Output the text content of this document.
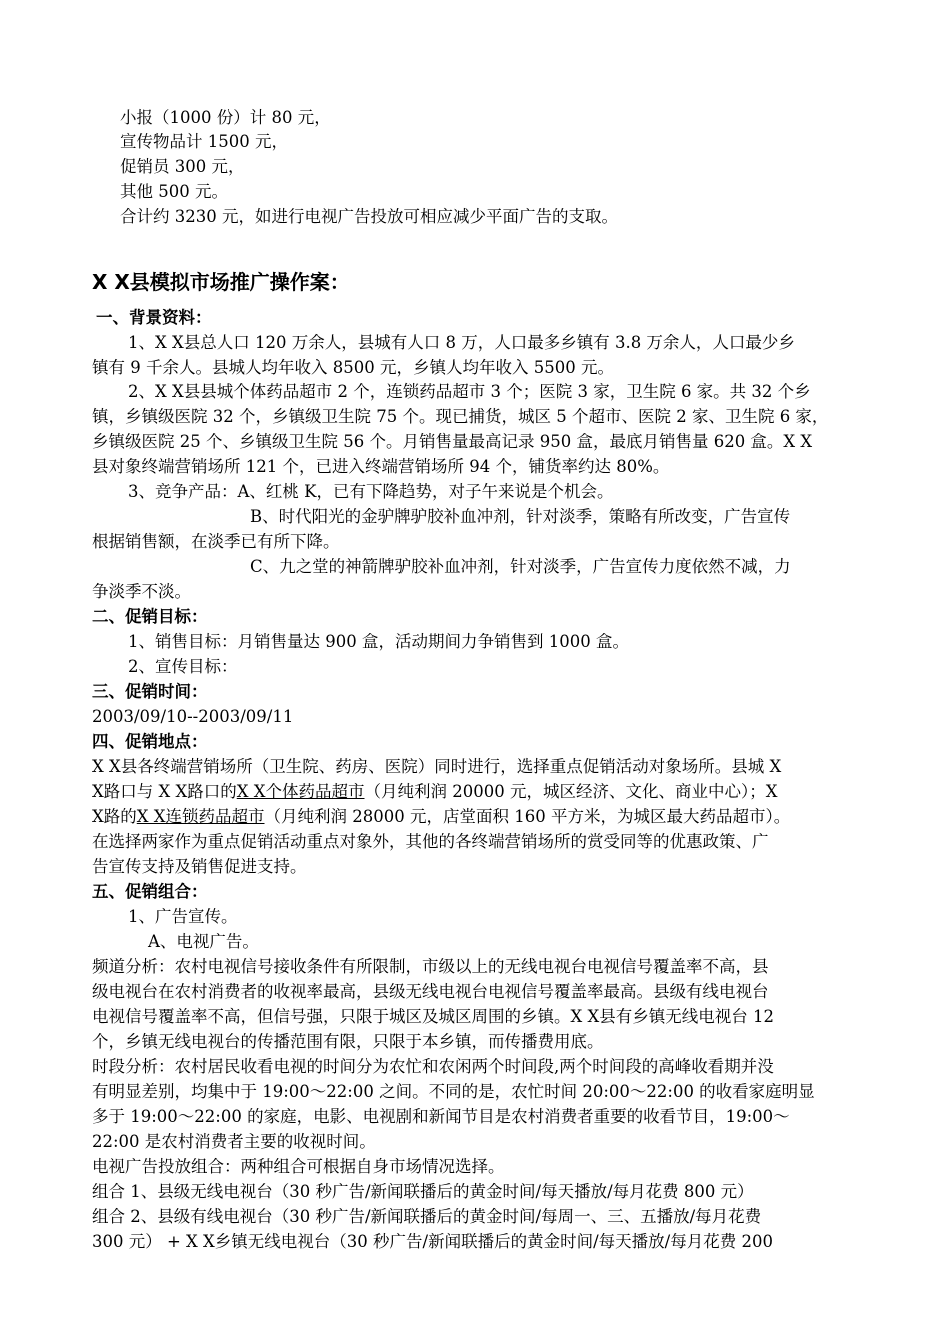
小报（1000 份）计 80 元，
宣传物品计 1500 元，
促销员 300 元，
其他 500 元。
合计约 3230 元，如进行电视广告投放可相应减少平面广告的支取。
X X县模拟市场推广操作案：
一、背景资料：
1、X X县总人口 120 万余人，县城有人口 8 万，人口最多乡镇有 3.8 万余人，人口最少乡
镇有 9 千余人。县城人均年收入 8500 元，乡镇人均年收入 5500 元。
2、X X县县城个体药品超市 2 个，连锁药品超市 3 个；医院 3 家，卫生院 6 家。共 32 个乡
镇，乡镇级医院 32 个，乡镇级卫生院 75 个。现已捕货，城区 5 个超市、医院 2 家、卫生院 6 家，
乡镇级医院 25 个、乡镇级卫生院 56 个。月销售量最高记录 950 盒，最底月销售量 620 盒。X X
县对象终端营销场所 121 个，已进入终端营销场所 94 个，铺货率约达 80%。
3、竞争产品：A、红桃 K，已有下降趋势，对子午来说是个机会。
B、时代阳光的金驴牌驴胶补血冲剂，针对淡季，策略有所改变，广告宣传
根据销售额，在淡季已有所下降。
C、九之堂的神箭牌驴胶补血冲剂，针对淡季，广告宣传力度依然不减，力
争淡季不淡。
二、促销目标：
1、销售目标：月销售量达 900 盒，活动期间力争销售到 1000 盒。
2、宣传目标：
三、促销时间：
2003/09/10--2003/09/11
四、促销地点：
X X县各终端营销场所（卫生院、药房、医院）同时进行，选择重点促销活动对象场所。县城 X
X路口与 X X路口的X X个体药品超市（月纯利润 20000 元，城区经济、文化、商业中心）；X
X路的X X连锁药品超市（月纯利润 28000 元，店堂面积 160 平方米，为城区最大药品超市）。
在选择两家作为重点促销活动重点对象外，其他的各终端营销场所的赏受同等的优惠政策、广
告宣传支持及销售促进支持。
五、促销组合：
1、广告宣传。
A、电视广告。
频道分析：农村电视信号接收条件有所限制，市级以上的无线电视台电视信号覆盖率不高，县
级电视台在农村消费者的收视率最高，县级无线电视台电视信号覆盖率最高。县级有线电视台
电视信号覆盖率不高，但信号强，只限于城区及城区周围的乡镇。X X县有乡镇无线电视台 12
个，乡镇无线电视台的传播范围有限，只限于本乡镇，而传播费用底。
时段分析：农村居民收看电视的时间分为农忙和农闲两个时间段,两个时间段的高峰收看期并没
有明显差别，均集中于 19:00～22:00 之间。不同的是，农忙时间 20:00～22:00 的收看家庭明显
多于 19:00～22:00 的家庭，电影、电视剧和新闻节目是农村消费者重要的收看节目，19:00～
22:00 是农村消费者主要的收视时间。
电视广告投放组合：两种组合可根据自身市场情况选择。
组合 1、县级无线电视台（30 秒广告/新闻联播后的黄金时间/每天播放/每月花费 800 元）
组合 2、县级有线电视台（30 秒广告/新闻联播后的黄金时间/每周一、三、五播放/每月花费
300 元） + X X乡镇无线电视台（30 秒广告/新闻联播后的黄金时间/每天播放/每月花费 200
